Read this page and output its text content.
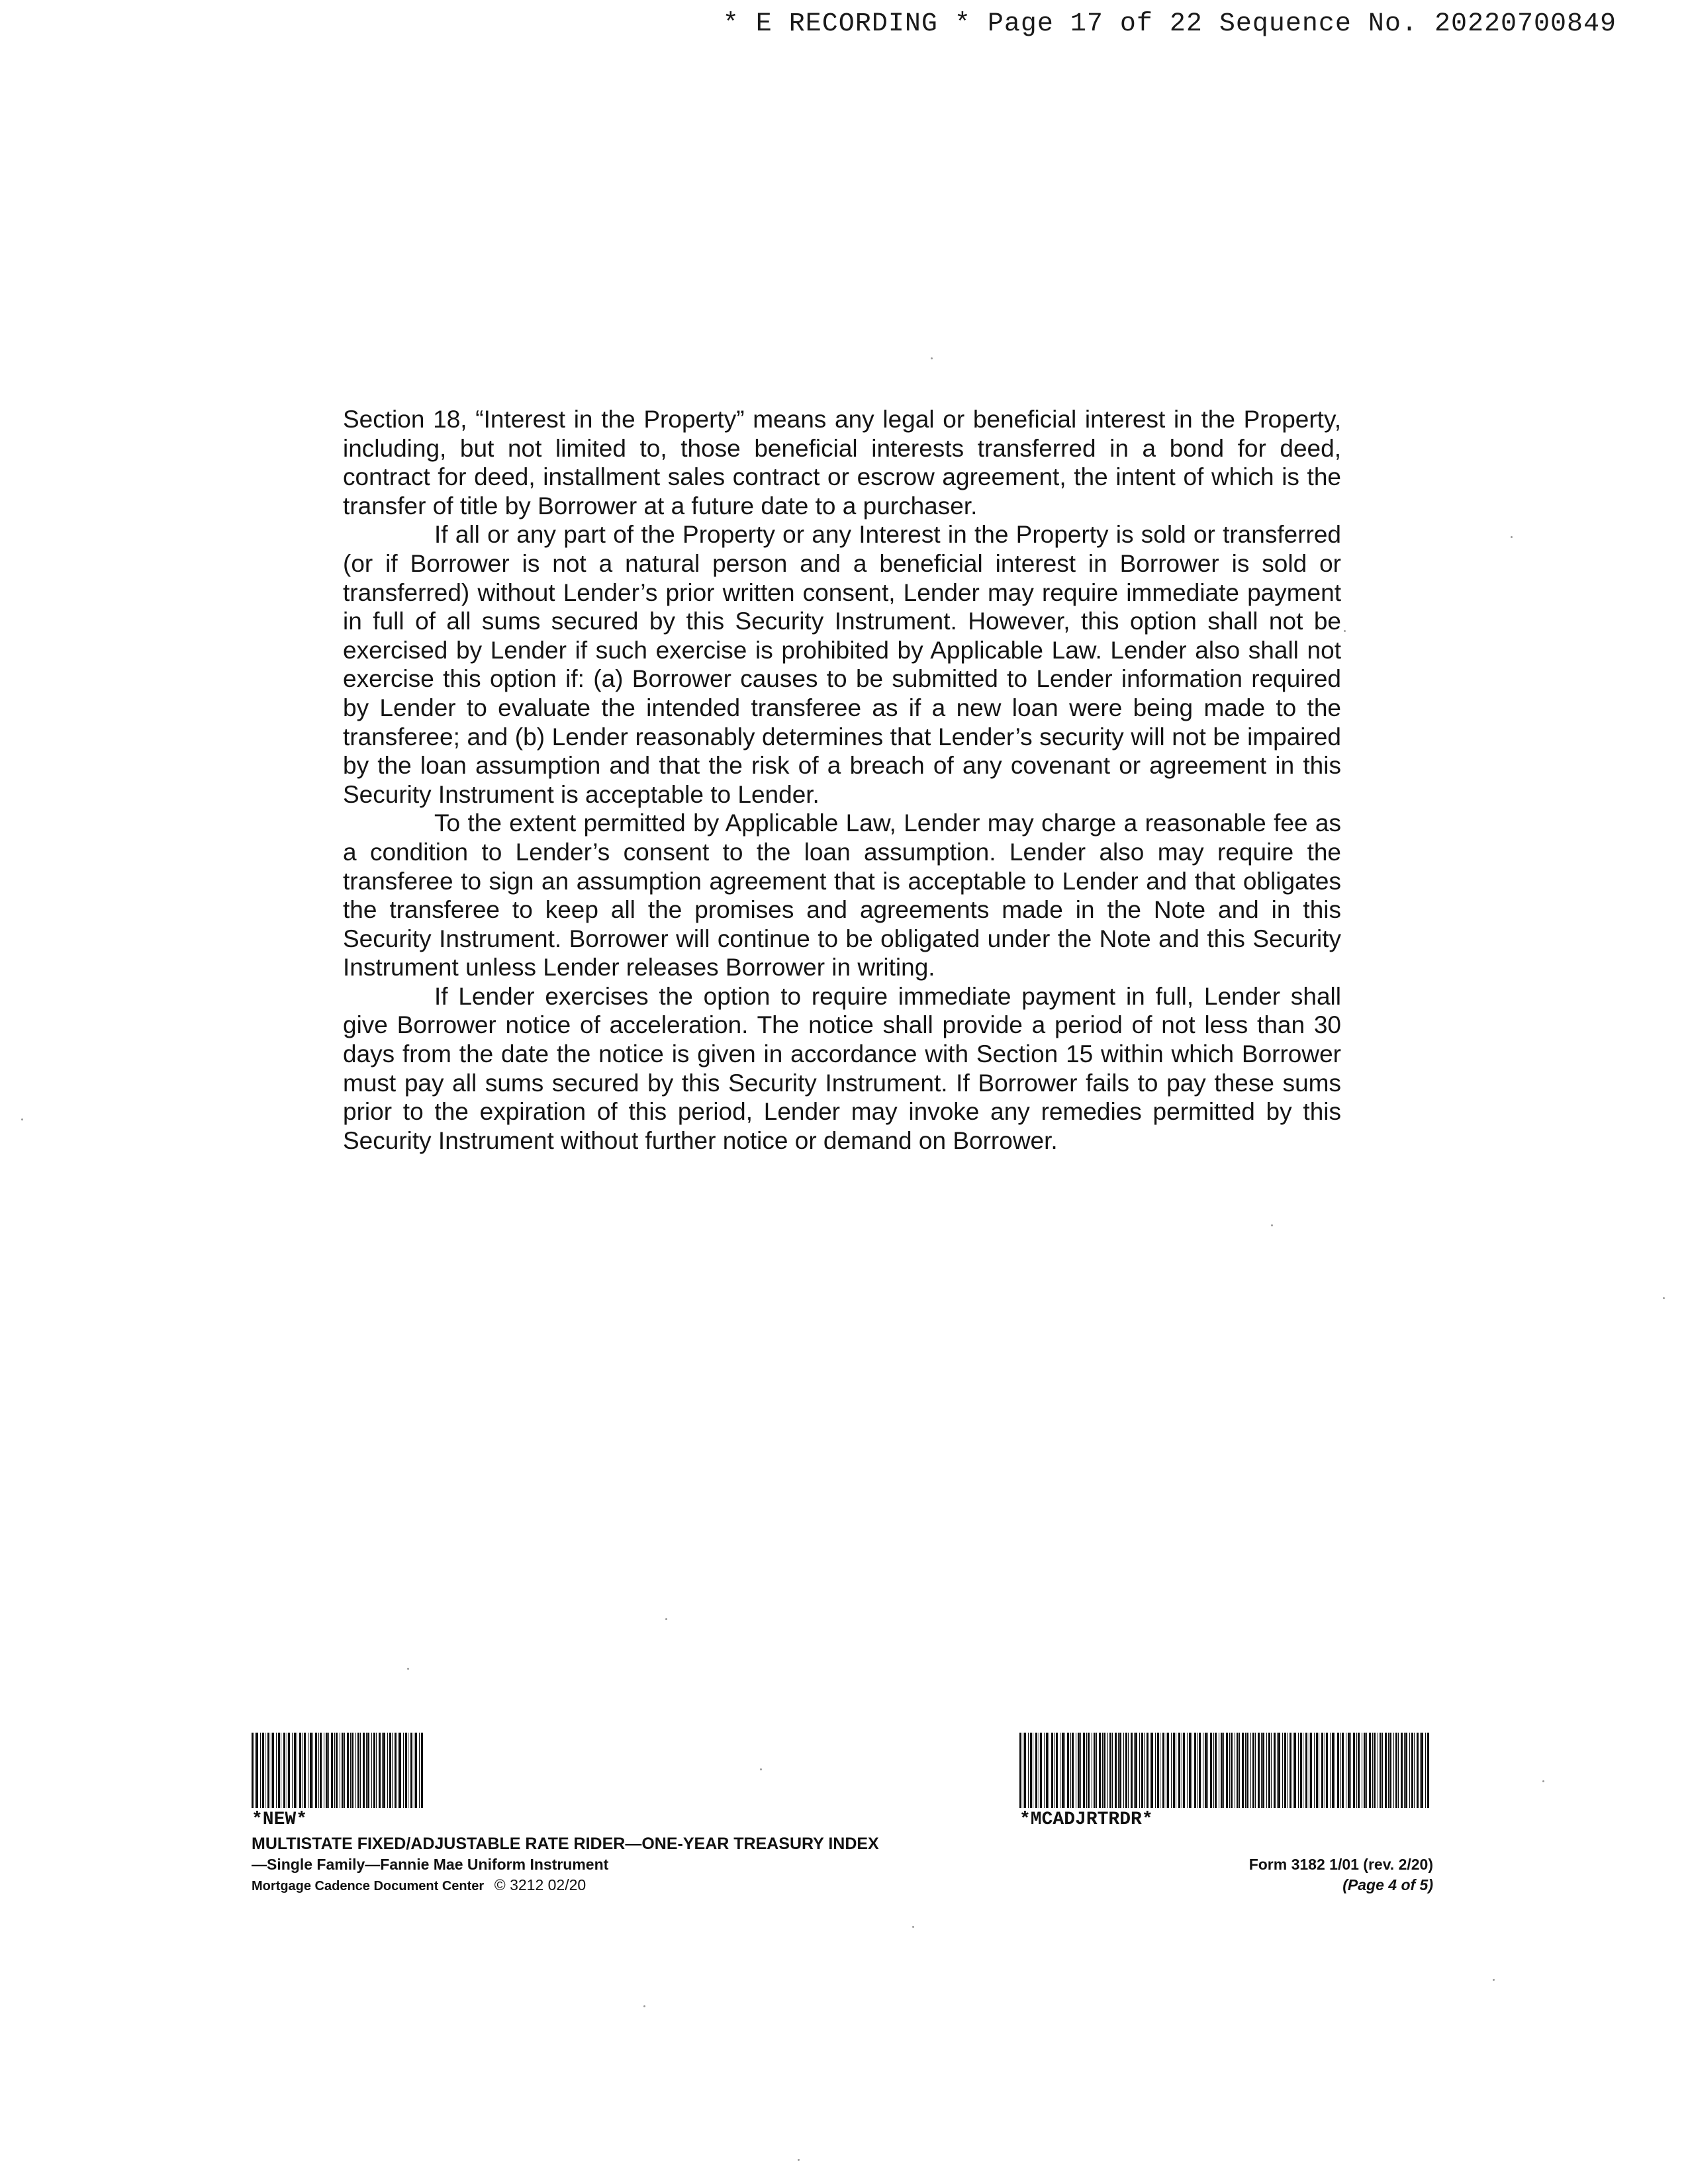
* E RECORDING * Page 17 of 22 Sequence No. 20220700849

Section 18, “Interest in the Property” means any legal or beneficial interest in the Property, including, but not limited to, those beneficial interests transferred in a bond for deed, contract for deed, installment sales contract or escrow agreement, the intent of which is the transfer of title by Borrower at a future date to a purchaser.

If all or any part of the Property or any Interest in the Property is sold or transferred (or if Borrower is not a natural person and a beneficial interest in Borrower is sold or transferred) without Lender’s prior written consent, Lender may require immediate payment in full of all sums secured by this Security Instrument. However, this option shall not be exercised by Lender if such exercise is prohibited by Applicable Law. Lender also shall not exercise this option if: (a) Borrower causes to be submitted to Lender information required by Lender to evaluate the intended transferee as if a new loan were being made to the transferee; and (b) Lender reasonably determines that Lender’s security will not be impaired by the loan assumption and that the risk of a breach of any covenant or agreement in this Security Instrument is acceptable to Lender.

To the extent permitted by Applicable Law, Lender may charge a reasonable fee as a condition to Lender’s consent to the loan assumption. Lender also may require the transferee to sign an assumption agreement that is acceptable to Lender and that obligates the transferee to keep all the promises and agreements made in the Note and in this Security Instrument. Borrower will continue to be obligated under the Note and this Security Instrument unless Lender releases Borrower in writing.

If Lender exercises the option to require immediate payment in full, Lender shall give Borrower notice of acceleration. The notice shall provide a period of not less than 30 days from the date the notice is given in accordance with Section 15 within which Borrower must pay all sums secured by this Security Instrument. If Borrower fails to pay these sums prior to the expiration of this period, Lender may invoke any remedies permitted by this Security Instrument without further notice or demand on Borrower.

*NEW*	*MCADJRTRDR*
MULTISTATE FIXED/ADJUSTABLE RATE RIDER—ONE-YEAR TREASURY INDEX
—Single Family—Fannie Mae Uniform Instrument
Mortgage Cadence Document Center © 3212 02/20
Form 3182 1/01 (rev. 2/20)
(Page 4 of 5)
